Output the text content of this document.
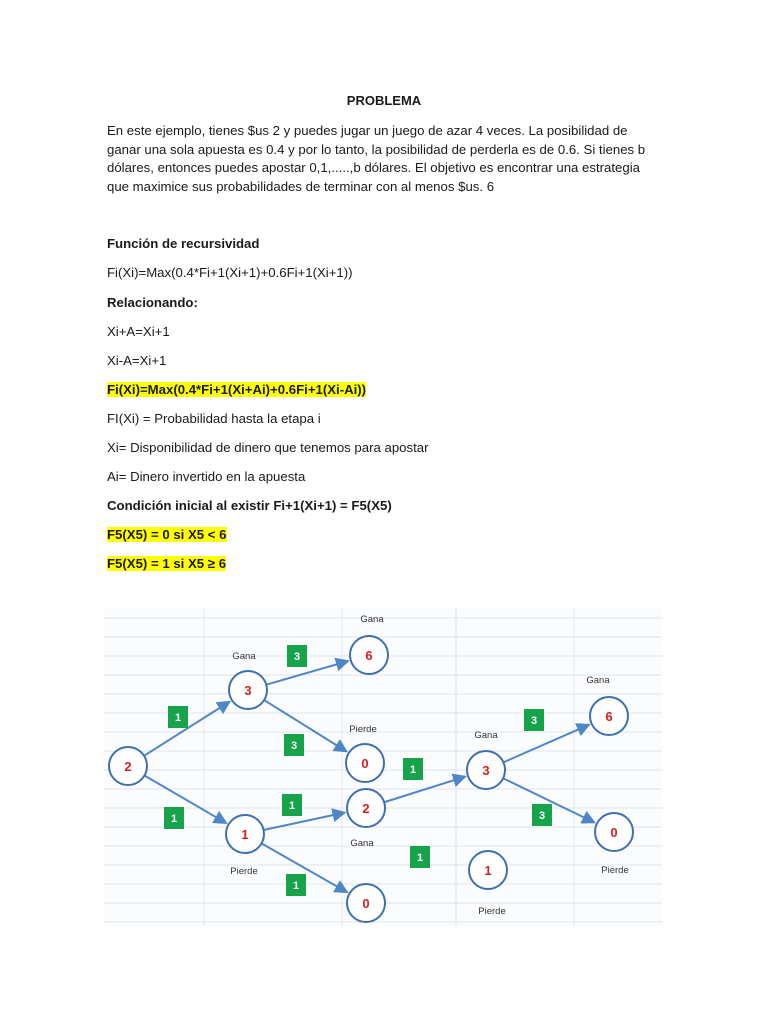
PROBLEMA

En este ejemplo, tienes $us 2 y puedes jugar un juego de azar 4 veces. La posibilidad de ganar una sola apuesta es 0.4 y por lo tanto, la posibilidad de perderla es de 0.6. Si tienes b dólares, entonces puedes apostar 0,1,.....,b dólares. El objetivo es encontrar una estrategia que maximice sus probabilidades de terminar con al menos $us. 6

Función de recursividad
Fi(Xi)=Max(0.4*Fi+1(Xi+1)+0.6Fi+1(Xi+1))
Relacionando:
Xi+A=Xi+1
Xi-A=Xi+1
Fi(Xi)=Max(0.4*Fi+1(Xi+Ai)+0.6Fi+1(Xi-Ai))
FI(Xi) = Probabilidad hasta la etapa i
Xi= Disponibilidad de dinero que tenemos para apostar
Ai= Dinero invertido en la apuesta
Condición inicial al existir Fi+1(Xi+1) = F5(X5)
F5(X5) = 0 si X5 < 6
F5(X5) = 1 si X5 ≥ 6
1
1
3
3
1
1
1
3
3
1
2
3
1
6
0
2
0
3
1
6
0
Gana
Gana
Pierde
Pierde
Gana
Gana
Gana
Pierde
Pierde
